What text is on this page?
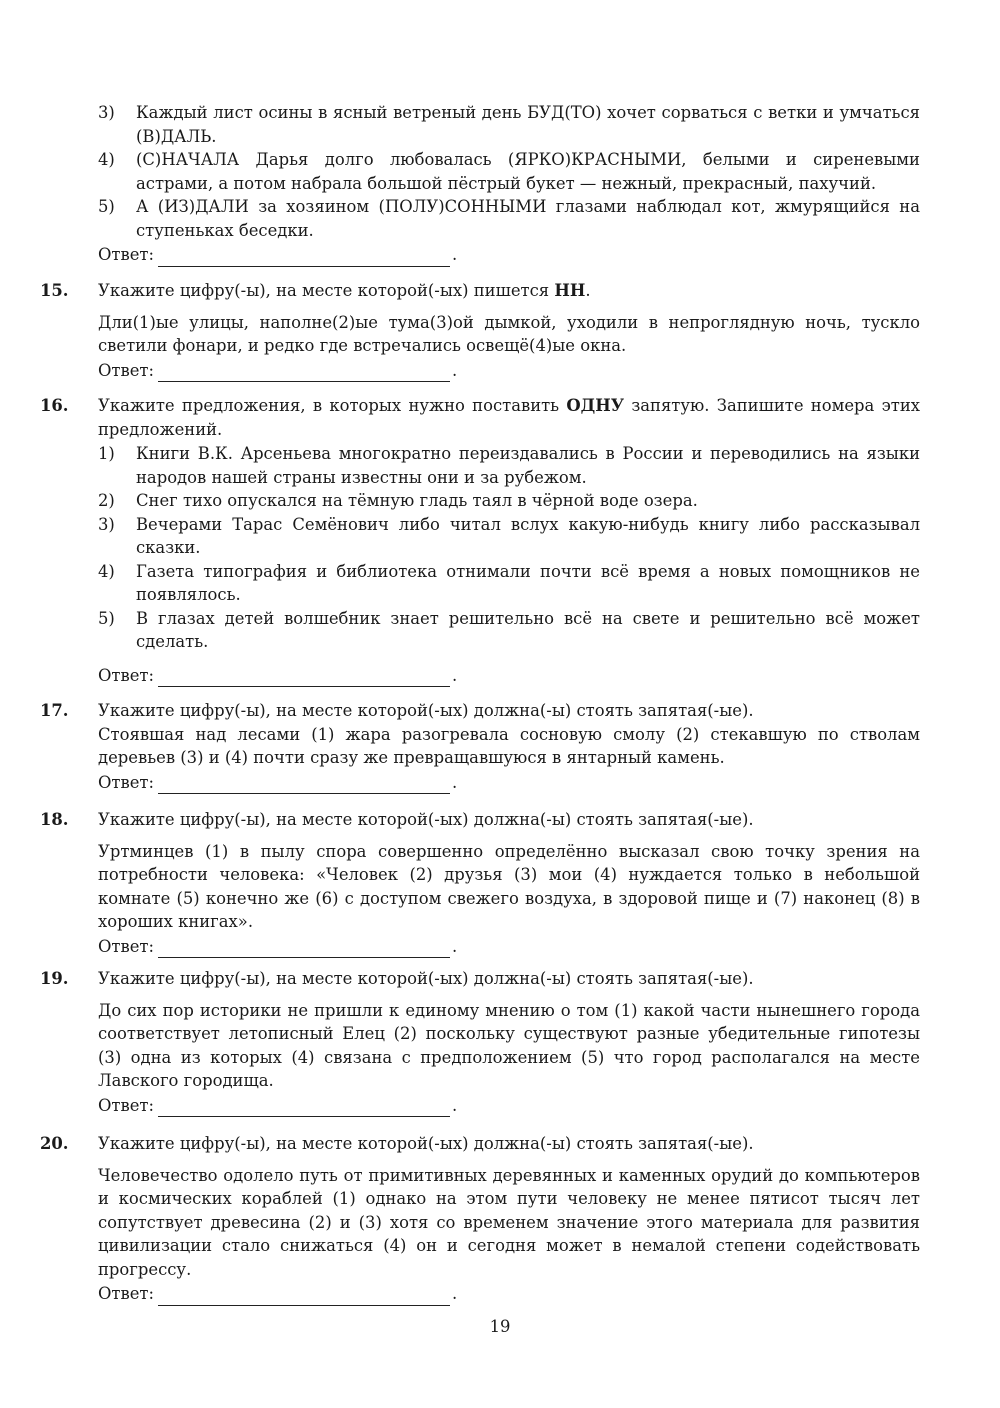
3)	Каждый лист осины в ясный ветреный день БУД(ТО) хочет сорваться с ветки и умчаться (В)ДАЛЬ.
4)	(С)НАЧАЛА Дарья долго любовалась (ЯРКО)КРАСНЫМИ, белыми и сиреневыми астрами, а потом набрала большой пёстрый букет — нежный, прекрасный, пахучий.
5)	А (ИЗ)ДАЛИ за хозяином (ПОЛУ)СОННЫМИ глазами наблюдал кот, жмурящийся на ступеньках беседки.
Ответ:	.
15.	Укажите цифру(-ы), на месте которой(-ых) пишется НН.

Дли(1)ые улицы, наполне(2)ые тума(3)ой дымкой, уходили в непроглядную ночь, тускло светили фонари, и редко где встречались освещё(4)ые окна.

Ответ:	.
16.	Укажите предложения, в которых нужно поставить ОДНУ запятую. Запишите номера этих предложений.

1)	Книги В.К. Арсеньева многократно переиздавались в России и переводились на языки народов нашей страны известны они и за рубежом.
2)	Снег тихо опускался на тёмную гладь таял в чёрной воде озера.
3)	Вечерами Тарас Семёнович либо читал вслух какую-нибудь книгу либо рассказывал сказки.
4)	Газета типография и библиотека отнимали почти всё время а новых помощников не появлялось.
5)	В глазах детей волшебник знает решительно всё на свете и решительно всё может сделать.
Ответ:	.
17.	Укажите цифру(-ы), на месте которой(-ых) должна(-ы) стоять запятая(-ые).

Стоявшая над лесами (1) жара разогревала сосновую смолу (2) стекавшую по стволам деревьев (3) и (4) почти сразу же превращавшуюся в янтарный камень.

Ответ:	.
18.	Укажите цифру(-ы), на месте которой(-ых) должна(-ы) стоять запятая(-ые).

Уртминцев (1) в пылу спора совершенно определённо высказал свою точку зрения на потребности человека: «Человек (2) друзья (3) мои (4) нуждается только в небольшой комнате (5) конечно же (6) с доступом свежего воздуха, в здоровой пище и (7) наконец (8) в хороших книгах».

Ответ:	.
19.	Укажите цифру(-ы), на месте которой(-ых) должна(-ы) стоять запятая(-ые).

До сих пор историки не пришли к единому мнению о том (1) какой части нынешнего города соответствует летописный Елец (2) поскольку существуют разные убедительные гипотезы (3) одна из которых (4) связана с предположением (5) что город располагался на месте Лавского городища.

Ответ:	.
20.	Укажите цифру(-ы), на месте которой(-ых) должна(-ы) стоять запятая(-ые).

Человечество одолело путь от примитивных деревянных и каменных орудий до компьютеров и космических кораблей (1) однако на этом пути человеку не менее пятисот тысяч лет сопутствует древесина (2) и (3) хотя со временем значение этого материала для развития цивилизации стало снижаться (4) он и сегодня может в немалой степени содействовать прогрессу.

Ответ:	.
19
